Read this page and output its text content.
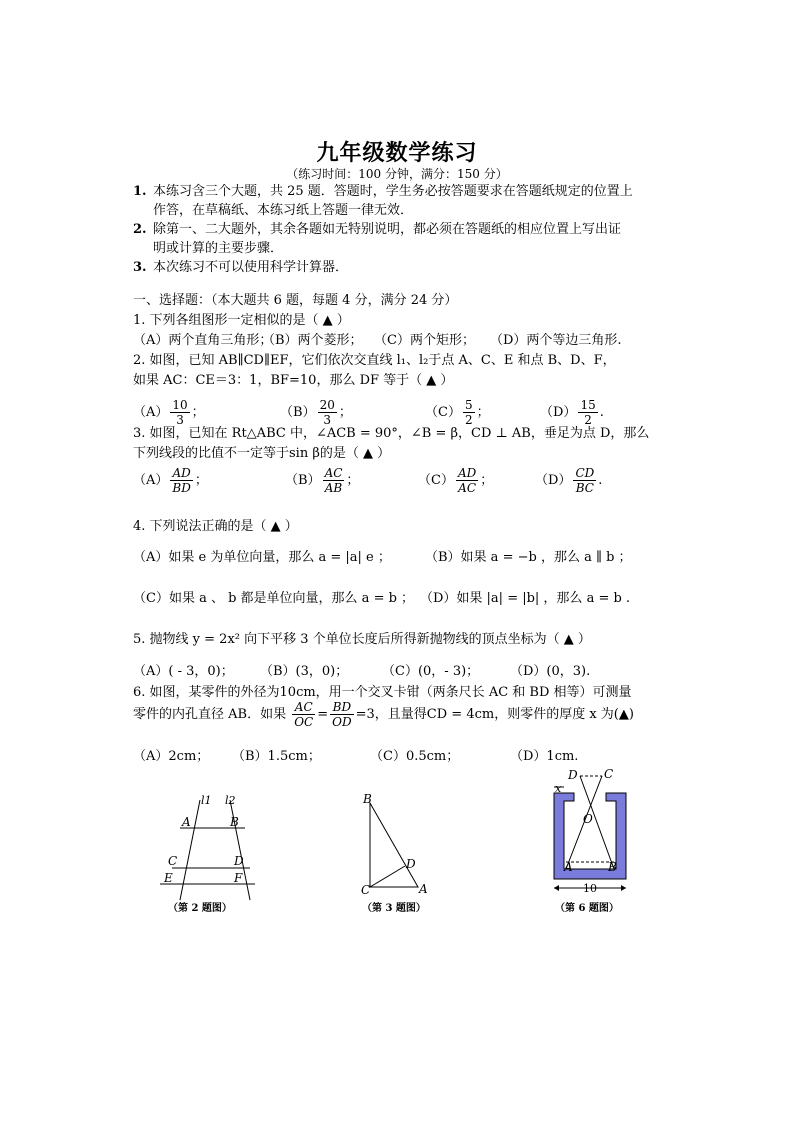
九年级数学练习
（练习时间：100 分钟，满分：150 分）
1. 本练习含三个大题，共 25 题．答题时，学生务必按答题要求在答题纸规定的位置上
作答，在草稿纸、本练习纸上答题一律无效．
2. 除第一、二大题外，其余各题如无特别说明，都必须在答题纸的相应位置上写出证
明或计算的主要步骤．
3. 本次练习不可以使用科学计算器．
一、选择题：（本大题共 6 题，每题 4 分，满分 24 分）
1. 下列各组图形一定相似的是（ ▲ ）
（A）两个直角三角形；
（B）两个菱形； （C）两个矩形； （D）两个等边三角形.
2. 如图，已知 AB∥CD∥EF，它们依次交直线 l₁、l₂于点 A、C、E 和点 B、D、F，
如果 AC：CE＝3：1，BF=10，那么 DF 等于（ ▲ ）
$(A) \frac{10}{3}$ ；	$(B) \frac{20}{3}$ ；	$(C) \frac{5}{2}$ ；	$(D) \frac{15}{2}$ .
3. 如图，已知在 Rt△ABC 中，∠ACB = 90°，∠B = β，CD ⊥ AB，垂足为点 D，那么
下列线段的比值不一定等于sin β的是（ ▲ ）
$(A) \frac{AD}{BD}$ ；	$(B) \frac{AC}{AB}$ ；	$(C) \frac{AD}{AC}$ ；	$(D) \frac{CD}{BC}$ .
4. 下列说法正确的是（ ▲ ）
（A）如果 e 为单位向量，那么 a = |a| e ；	（B）如果 a = −b ，那么 a ∥ b ；
（C）如果 a 、 b 都是单位向量，那么 a = b ； （D）如果 |a| = |b| ，那么 a = b .
5. 抛物线 y = 2x² 向下平移 3 个单位长度后所得新抛物线的顶点坐标为（ ▲ ）
（A）( - 3，0)； （B）(3，0)；	（C）(0，- 3)； （D）(0，3).
6. 如图，某零件的外径为10cm，用一个交叉卡钳（两条尺长 AC 和 BD 相等）可测量
零件的内孔直径 AB．如果 $\frac{AC}{OC} = \frac{BD}{OD} =3$，且量得CD = 4cm，则零件的厚度 x 为(▲)
（A）2cm； （B）1.5cm；	（C）0.5cm；	（D）1cm.
l1 l2
A	B
C	D
E	F
（第 2 题图）
B
D
C	A
（第 3 题图）
D C
x
O
A	B
10
（第 6 题图）
